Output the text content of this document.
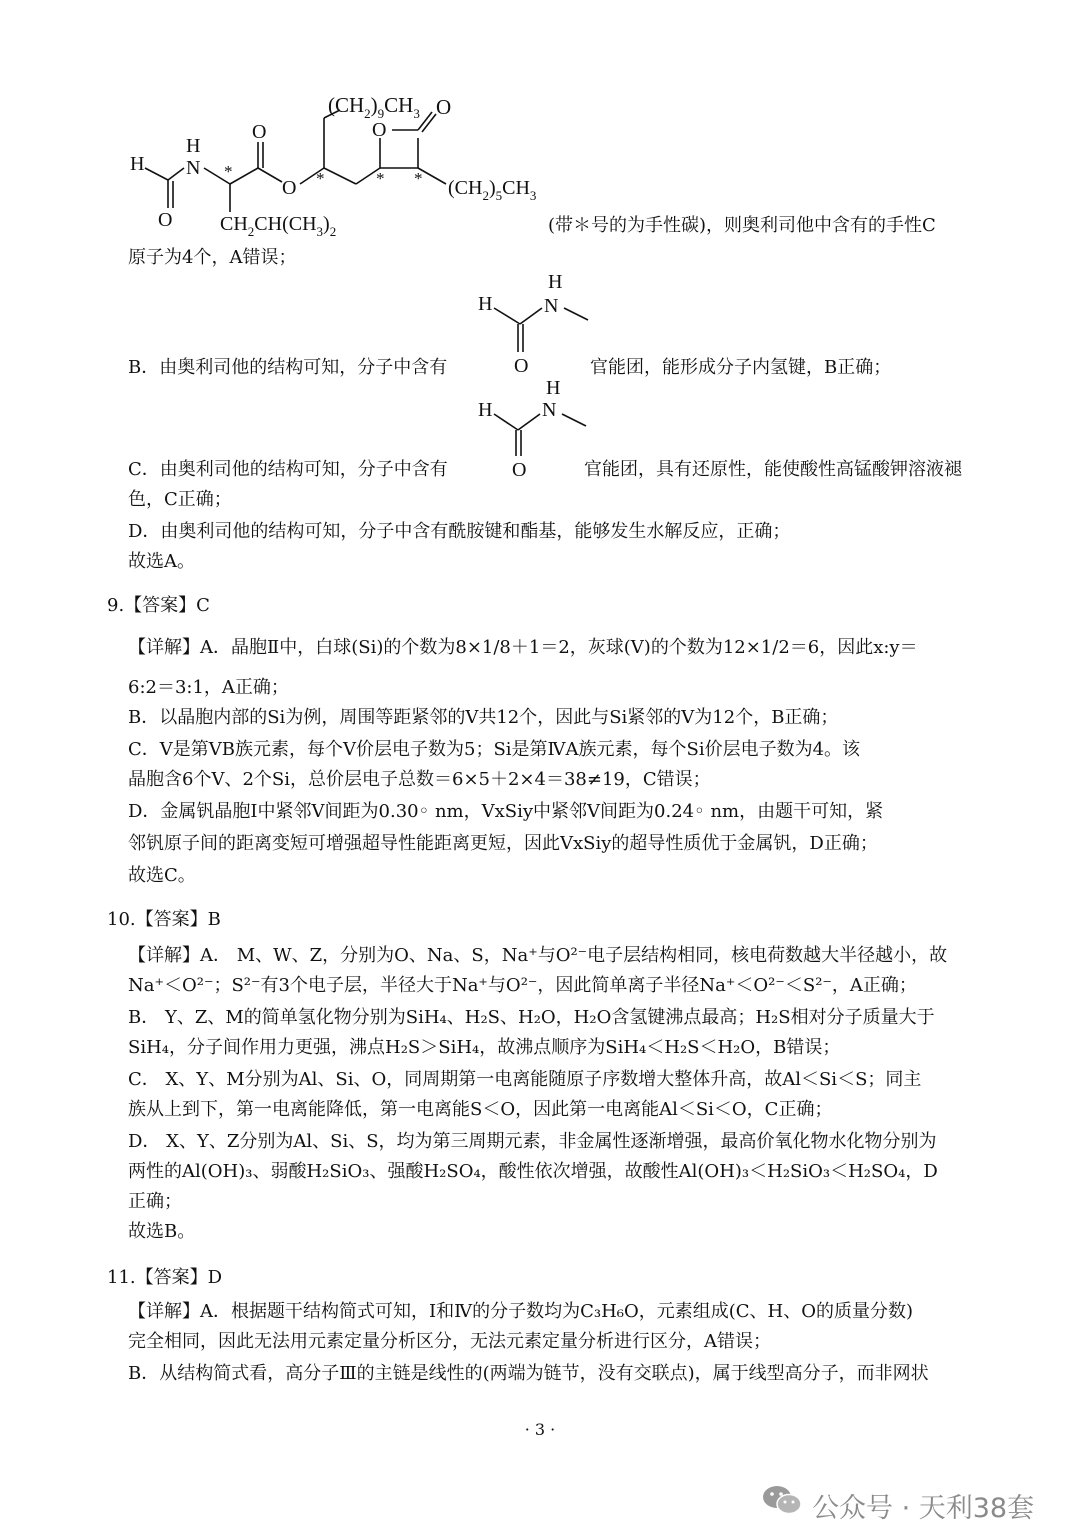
$(CH_2)_9CH_3$ O
H
H
N
O
*
$CH_2CH(CH_3)_2$
O
O *	*
O
* $(CH_2)_5CH_3$
(带＊号的为手性碳)，则奥利司他中含有的手性C
原子为4个，A错误；
H
H
N
O
B．由奥利司他的结构可知，分子中含有	官能团，能形成分子内氢键，B正确；
H
H
N
O
C．由奥利司他的结构可知，分子中含有	官能团，具有还原性，能使酸性高锰酸钾溶液褪
色，C正确；
D．由奥利司他的结构可知，分子中含有酰胺键和酯基，能够发生水解反应，正确；
故选A。
9.【答案】C
【详解】A．晶胞Ⅱ中，白球(Si)的个数为8×1/8＋1＝2，灰球(V)的个数为12×1/2＝6，因此x:y＝
6:2＝3:1，A正确；
B．以晶胞内部的Si为例，周围等距紧邻的V共12个，因此与Si紧邻的V为12个，B正确；
C．V是第ⅤB族元素，每个V价层电子数为5；Si是第ⅣA族元素，每个Si价层电子数为4。该
晶胞含6个V、2个Si，总价层电子总数＝6×5＋2×4＝38≠19，C错误；
D．金属钒晶胞Ⅰ中紧邻V间距为0.30◦ nm，VxSiy中紧邻V间距为0.24◦ nm，由题干可知，紧
邻钒原子间的距离变短可增强超导性能距离更短，因此VxSiy的超导性质优于金属钒，D正确；
故选C。
10.【答案】B
【详解】A． M、W、Z，分别为O、Na、S，Na⁺与O²⁻电子层结构相同，核电荷数越大半径越小，故
Na⁺＜O²⁻；S²⁻有3个电子层，半径大于Na⁺与O²⁻，因此简单离子半径Na⁺＜O²⁻＜S²⁻，A正确；
B． Y、Z、M的简单氢化物分别为SiH₄、H₂S、H₂O，H₂O含氢键沸点最高；H₂S相对分子质量大于
SiH₄，分子间作用力更强，沸点H₂S＞SiH₄，故沸点顺序为SiH₄＜H₂S＜H₂O，B错误；
C． X、Y、M分别为Al、Si、O，同周期第一电离能随原子序数增大整体升高，故Al＜Si＜S；同主
族从上到下，第一电离能降低，第一电离能S＜O，因此第一电离能Al＜Si＜O，C正确；
D． X、Y、Z分别为Al、Si、S，均为第三周期元素，非金属性逐渐增强，最高价氧化物水化物分别为
两性的Al(OH)₃、弱酸H₂SiO₃、强酸H₂SO₄，酸性依次增强，故酸性Al(OH)₃＜H₂SiO₃＜H₂SO₄，D
正确；
故选B。
11.【答案】D
【详解】A．根据题干结构简式可知，Ⅰ和Ⅳ的分子数均为C₃H₆O，元素组成(C、H、O的质量分数)
完全相同，因此无法用元素定量分析区分，无法元素定量分析进行区分，A错误；
B．从结构简式看，高分子Ⅲ的主链是线性的(两端为链节，没有交联点)，属于线型高分子，而非网状
· 3 ·
公众号 · 天利38套
